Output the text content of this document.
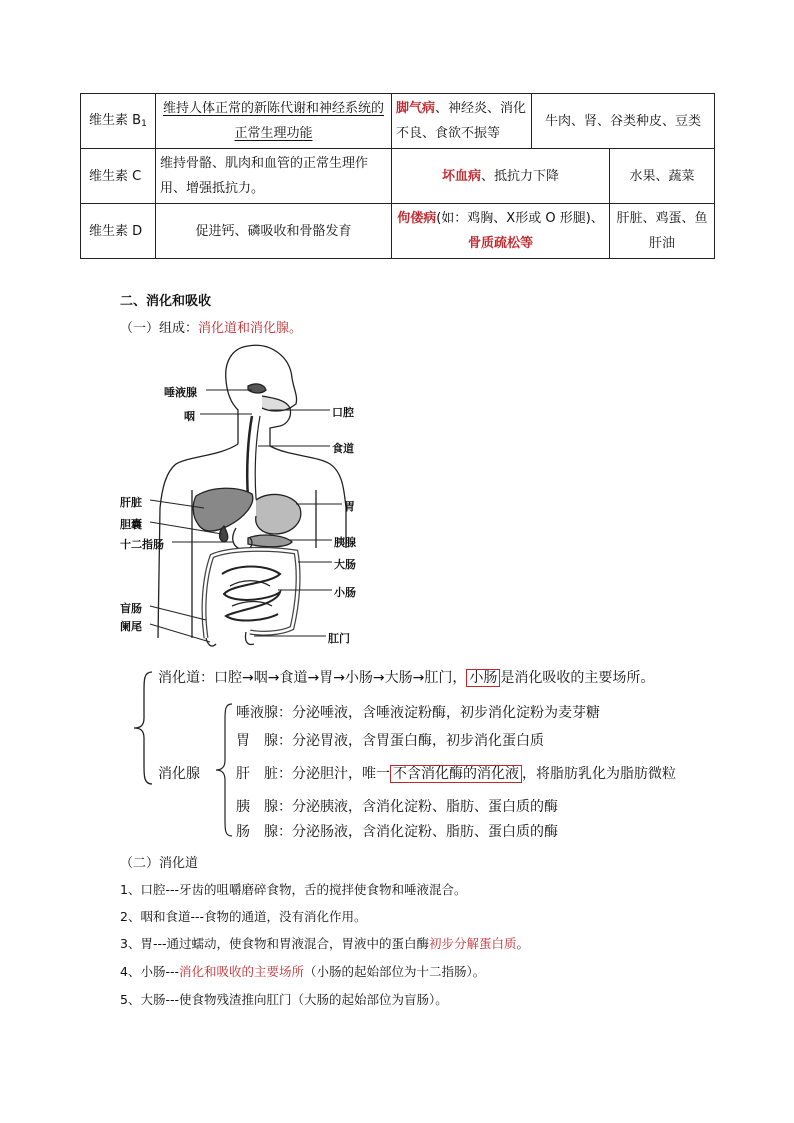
维生素 B1	维持人体正常的新陈代谢和神经系统的正常生理功能	脚气病、神经炎、消化不良、食欲不振等	牛肉、肾、谷类种皮、豆类	
维生素 C	维持骨骼、肌肉和血管的正常生理作用、增强抵抗力。	坏血病、抵抗力下降		水果、蔬菜
维生素 D	促进钙、磷吸收和骨骼发育	佝偻病(如：鸡胸、X形或 O 形腿)、骨质疏松等		肝脏、鸡蛋、鱼肝油
二、消化和吸收
（一）组成：消化道和消化腺。
唾液腺
咽
肝脏
胆囊
十二指肠
盲肠
阑尾
口腔
食道
胃
胰腺
大肠
小肠
肛门
消化道：口腔→咽→食道→胃→小肠→大肠→肛门， 小肠 是消化吸收的主要场所。
消化腺
唾液腺：分泌唾液，含唾液淀粉酶，初步消化淀粉为麦芽糖
胃　腺：分泌胃液，含胃蛋白酶，初步消化蛋白质
肝　脏：分泌胆汁，唯一 不含消化酶的消化液 ，将脂肪乳化为脂肪微粒
胰　腺：分泌胰液，含消化淀粉、脂肪、蛋白质的酶
肠　腺：分泌肠液，含消化淀粉、脂肪、蛋白质的酶
（二）消化道
1、口腔---牙齿的咀嚼磨碎食物，舌的搅拌使食物和唾液混合。
2、咽和食道---食物的通道，没有消化作用。
3、胃---通过蠕动，使食物和胃液混合，胃液中的蛋白酶初步分解蛋白质。
4、小肠---消化和吸收的主要场所（小肠的起始部位为十二指肠）。
5、大肠---使食物残渣推向肛门（大肠的起始部位为盲肠）。
